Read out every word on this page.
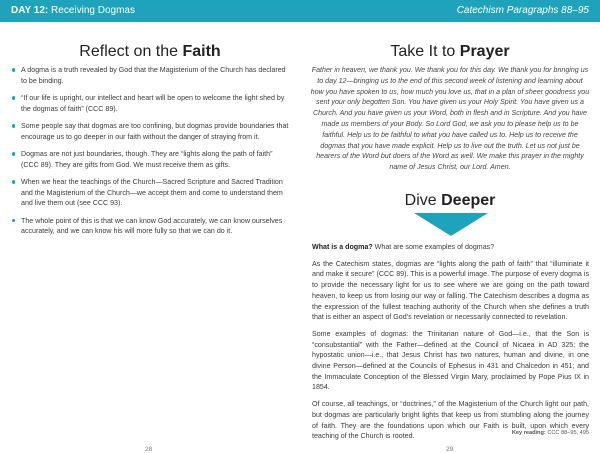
DAY 12: Receiving Dogmas	Catechism Paragraphs 88–95
Reflect on the Faith
A dogma is a truth revealed by God that the Magisterium of the Church has declared to be binding.
“If our life is upright, our intellect and heart will be open to welcome the light shed by the dogmas of faith” (CCC 89).
Some people say that dogmas are too confining, but dogmas provide boundaries that encourage us to go deeper in our faith without the danger of straying from it.
Dogmas are not just boundaries, though. They are “lights along the path of faith” (CCC 89). They are gifts from God. We must receive them as gifts.
When we hear the teachings of the Church—Sacred Scripture and Sacred Tradition and the Magisterium of the Church—we accept them and come to understand them and live them out (see CCC 93).
The whole point of this is that we can know God accurately, we can know ourselves accurately, and we can know his will more fully so that we can do it.
28
Take It to Prayer
Father in heaven, we thank you. We thank you for this day. We thank you for bringing us to day 12—bringing us to the end of this second week of listening and learning about how you have spoken to us, how much you love us, that in a plan of sheer goodness you sent your only begotten Son. You have given us your Holy Spirit. You have given us a Church. And you have given us your Word, both in flesh and in Scripture. And you have made us members of your Body. So Lord God, we ask you to please help us to be faithful. Help us to be faithful to what you have called us to. Help us to receive the dogmas that you have made explicit. Help us to live out the truth. Let us not just be hearers of the Word but doers of the Word as well. We make this prayer in the mighty name of Jesus Christ, our Lord. Amen.
Dive Deeper

What is a dogma? What are some examples of dogmas?

As the Catechism states, dogmas are “lights along the path of faith” that “illuminate it and make it secure” (CCC 89). This is a powerful image. The purpose of every dogma is to provide the necessary light for us to see where we are going on the path toward heaven, to keep us from losing our way or falling. The Catechism describes a dogma as the expression of the fullest teaching authority of the Church when she defines a truth that is either an aspect of God’s revelation or necessarily connected to revelation.

Some examples of dogmas: the Trinitarian nature of God—i.e., that the Son is “consubstantial” with the Father—defined at the Council of Nicaea in AD 325; the hypostatic union—i.e., that Jesus Christ has two natures, human and divine, in one divine Person—defined at the Councils of Ephesus in 431 and Chalcedon in 451; and the Immaculate Conception of the Blessed Virgin Mary, proclaimed by Pope Pius IX in 1854.

Of course, all teachings, or “doctrines,” of the Magisterium of the Church light our path, but dogmas are particularly bright lights that keep us from stumbling along the journey of faith. They are the foundations upon which our Faith is built, upon which every teaching of the Church is rooted.	Key reading: CCC 88–95, 495
29
